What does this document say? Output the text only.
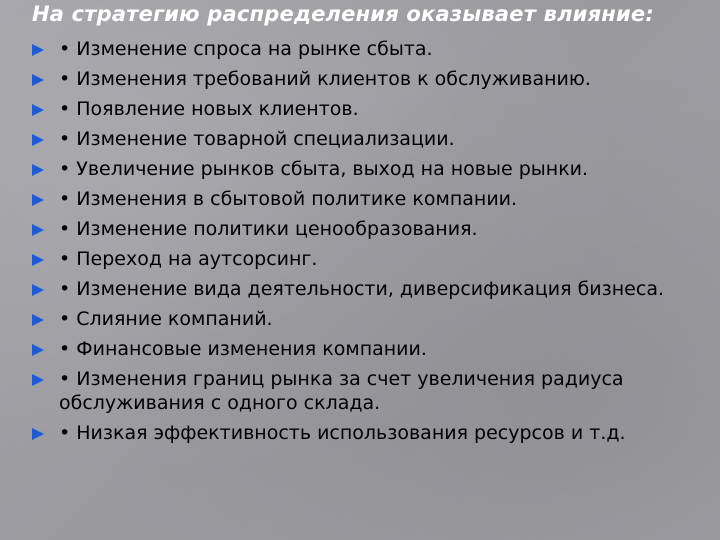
На стратегию распределения оказывает влияние:
• Изменение спроса на рынке сбыта.
• Изменения требований клиентов к обслуживанию.
• Появление новых клиентов.
• Изменение товарной специализации.
• Увеличение рынков сбыта, выход на новые рынки.
• Изменения в сбытовой политике компании.
• Изменение политики ценообразования.
• Переход на аутсорсинг.
• Изменение вида деятельности, диверсификация бизнеса.
• Слияние компаний.
• Финансовые изменения компании.
• Изменения границ рынка за счет увеличения радиуса обслуживания с одного склада.
• Низкая эффективность использования ресурсов и т.д.
